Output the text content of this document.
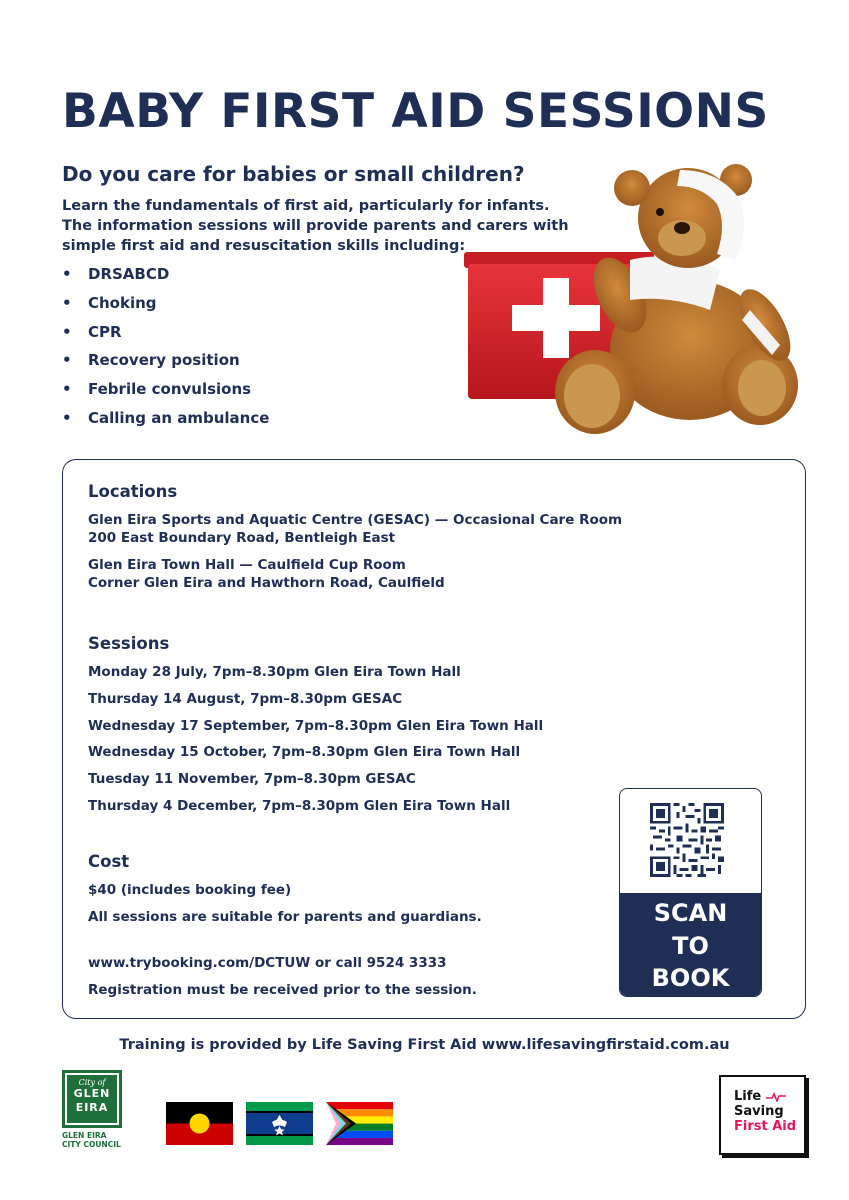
BABY FIRST AID SESSIONS
Do you care for babies or small children?

Learn the fundamentals of first aid, particularly for infants.

The information sessions will provide parents and carers with simple first aid and resuscitation skills including:

•	DRSABCD
•	Choking
•	CPR
•	Recovery position
•	Febrile convulsions
•	Calling an ambulance
Locations

Glen Eira Sports and Aquatic Centre (GESAC) — Occasional Care Room

200 East Boundary Road, Bentleigh East

Glen Eira Town Hall — Caulfield Cup Room

Corner Glen Eira and Hawthorn Road, Caulfield

Sessions

Monday 28 July, 7pm–8.30pm Glen Eira Town Hall

Thursday 14 August, 7pm–8.30pm GESAC

Wednesday 17 September, 7pm–8.30pm Glen Eira Town Hall

Wednesday 15 October, 7pm–8.30pm Glen Eira Town Hall

Tuesday 11 November, 7pm–8.30pm GESAC

Thursday 4 December, 7pm–8.30pm Glen Eira Town Hall

Cost

$40 (includes booking fee)

All sessions are suitable for parents and guardians.

www.trybooking.com/DCTUW or call 9524 3333

Registration must be received prior to the session.

SCAN
TO
BOOK

Training is provided by Life Saving First Aid www.lifesavingfirstaid.com.au

City of
GLEN
EIRA
GLEN EIRA
CITY COUNCIL
Life
Saving
First Aid
